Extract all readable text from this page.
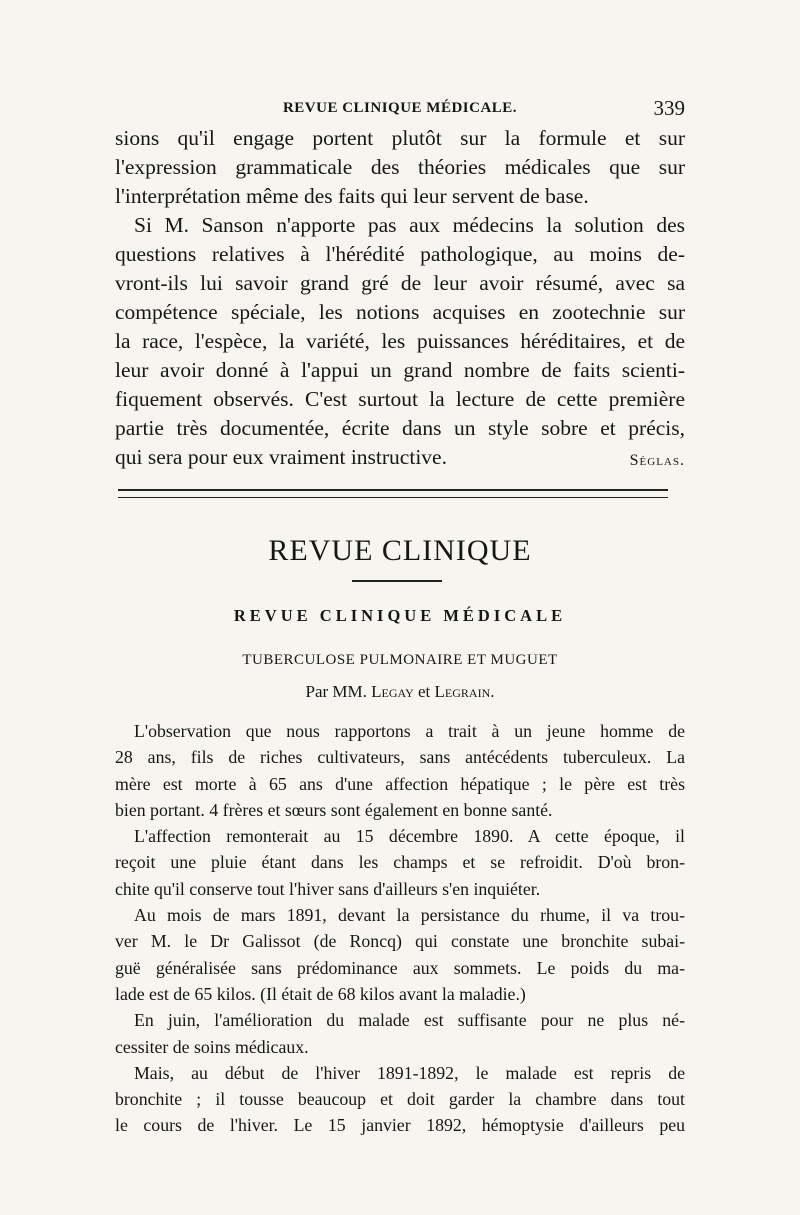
REVUE CLINIQUE MÉDICALE.	339
sions qu'il engage portent plutôt sur la formule et sur
l'expression grammaticale des théories médicales que sur
l'interprétation même des faits qui leur servent de base.
Si M. Sanson n'apporte pas aux médecins la solution des
questions relatives à l'hérédité pathologique, au moins de-
vront-ils lui savoir grand gré de leur avoir résumé, avec sa
compétence spéciale, les notions acquises en zootechnie sur
la race, l'espèce, la variété, les puissances héréditaires, et de
leur avoir donné à l'appui un grand nombre de faits scienti-
fiquement observés. C'est surtout la lecture de cette première
partie très documentée, écrite dans un style sobre et précis,
qui sera pour eux vraiment instructive.	Séglas.
REVUE CLINIQUE
REVUE CLINIQUE MÉDICALE
TUBERCULOSE PULMONAIRE ET MUGUET
Par MM. Legay et Legrain.
L'observation que nous rapportons a trait à un jeune homme de
28 ans, fils de riches cultivateurs, sans antécédents tuberculeux. La
mère est morte à 65 ans d'une affection hépatique ; le père est très
bien portant. 4 frères et sœurs sont également en bonne santé.
L'affection remonterait au 15 décembre 1890. A cette époque, il
reçoit une pluie étant dans les champs et se refroidit. D'où bron-
chite qu'il conserve tout l'hiver sans d'ailleurs s'en inquiéter.
Au mois de mars 1891, devant la persistance du rhume, il va trou-
ver M. le Dr Galissot (de Roncq) qui constate une bronchite subai-
guë généralisée sans prédominance aux sommets. Le poids du ma-
lade est de 65 kilos. (Il était de 68 kilos avant la maladie.)
En juin, l'amélioration du malade est suffisante pour ne plus né-
cessiter de soins médicaux.
Mais, au début de l'hiver 1891-1892, le malade est repris de
bronchite ; il tousse beaucoup et doit garder la chambre dans tout
le cours de l'hiver. Le 15 janvier 1892, hémoptysie d'ailleurs peu
